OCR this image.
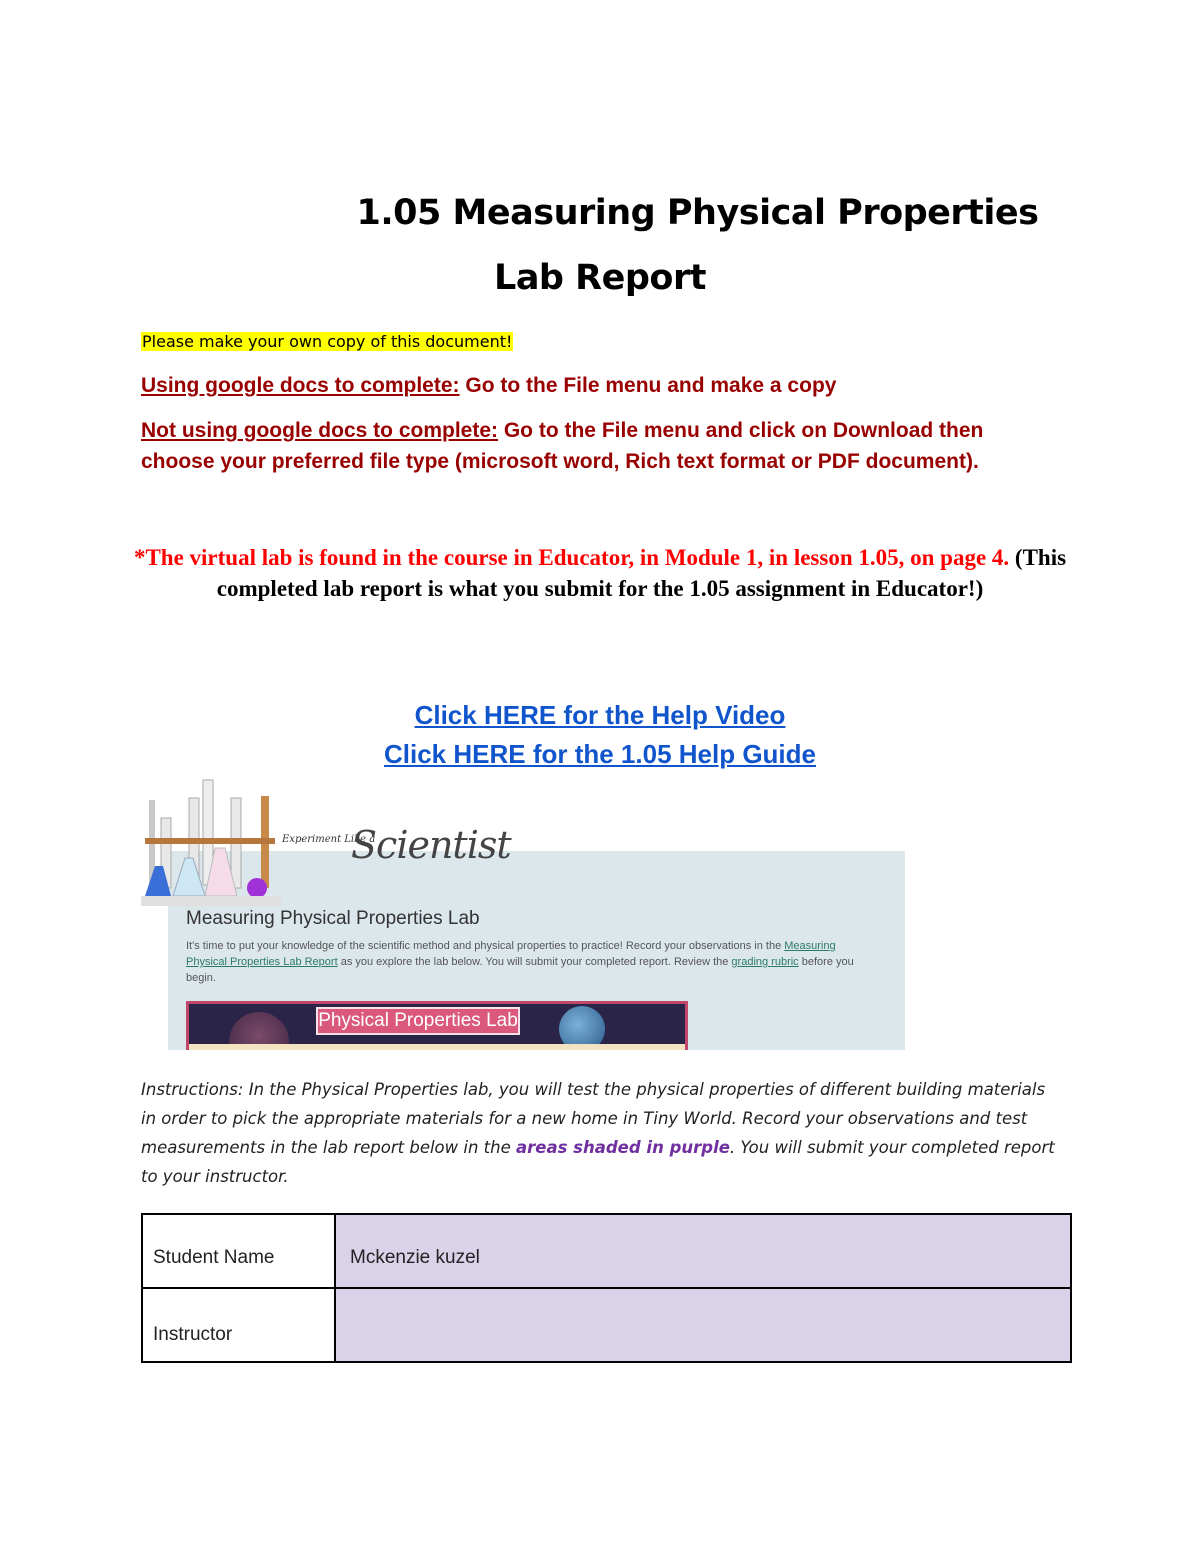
1.05 Measuring Physical Properties
Lab Report
Please make your own copy of this document!
Using google docs to complete: Go to the File menu and make a copy
Not using google docs to complete: Go to the File menu and click on Download then choose your preferred file type (microsoft word, Rich text format or PDF document).
*The virtual lab is found in the course in Educator, in Module 1, in lesson 1.05, on page 4. (This completed lab report is what you submit for the 1.05 assignment in Educator!)
Click HERE for the Help Video
Click HERE for the 1.05 Help Guide
Experiment Like a
Scientist
Measuring Physical Properties Lab
It's time to put your knowledge of the scientific method and physical properties to practice! Record your observations in the Measuring Physical Properties Lab Report as you explore the lab below. You will submit your completed report. Review the grading rubric before you begin.
Physical Properties Lab
Instructions: In the Physical Properties lab, you will test the physical properties of different building materials in order to pick the appropriate materials for a new home in Tiny World. Record your observations and test measurements in the lab report below in the areas shaded in purple. You will submit your completed report to your instructor.
Student Name	Mckenzie kuzel
Instructor	
